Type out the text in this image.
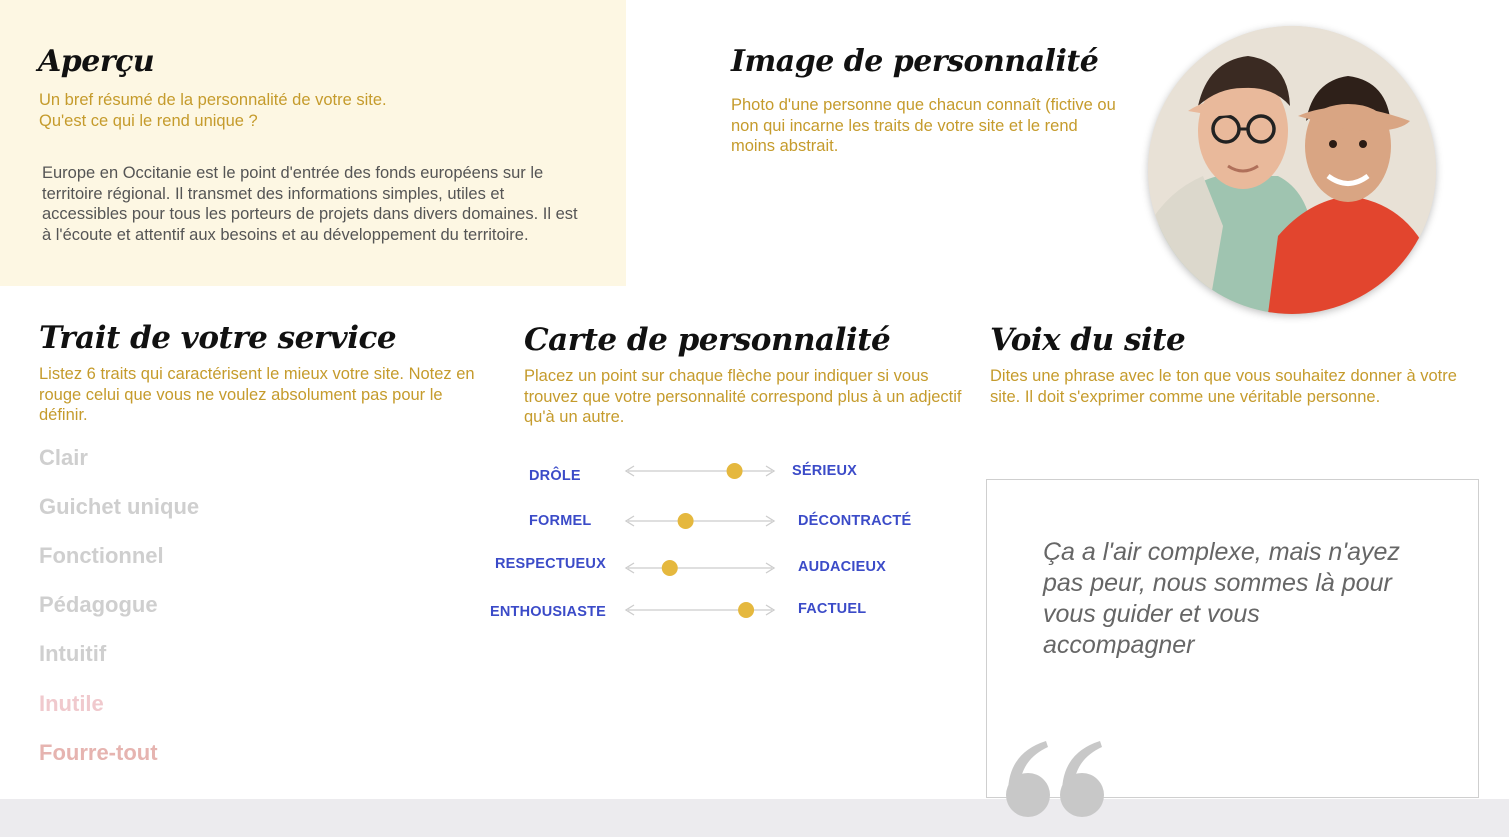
Aperçu
Un bref résumé de la personnalité de votre site.
Qu'est ce qui le rend unique ?

Europe en Occitanie est le point d'entrée des fonds européens sur le territoire régional. Il transmet des informations simples, utiles et accessibles pour tous les porteurs de projets dans divers domaines. Il est à l'écoute et attentif aux besoins et au développement du territoire.

Image de personnalité

Photo d'une personne que chacun connaît (fictive ou non qui incarne les traits de votre site et le rend moins abstrait.

Trait de votre service

Listez 6 traits qui caractérisent le mieux votre site. Notez en rouge celui que vous ne voulez absolument pas pour le définir.

Clair

Guichet unique

Fonctionnel

Pédagogue

Intuitif

Inutile

Fourre-tout

Carte de personnalité

Placez un point sur chaque flèche pour indiquer si vous trouvez que votre personnalité correspond plus à un adjectif qu'à un autre.

DRÔLE	SÉRIEUX

FORMEL	DÉCONTRACTÉ

RESPECTUEUX	AUDACIEUX

ENTHOUSIASTE	FACTUEL

Voix du site

Dites une phrase avec le ton que vous souhaitez donner à votre site. Il doit s'exprimer comme une véritable personne.

Ça a l'air complexe, mais n'ayez pas peur, nous sommes là pour vous guider et vous accompagner
